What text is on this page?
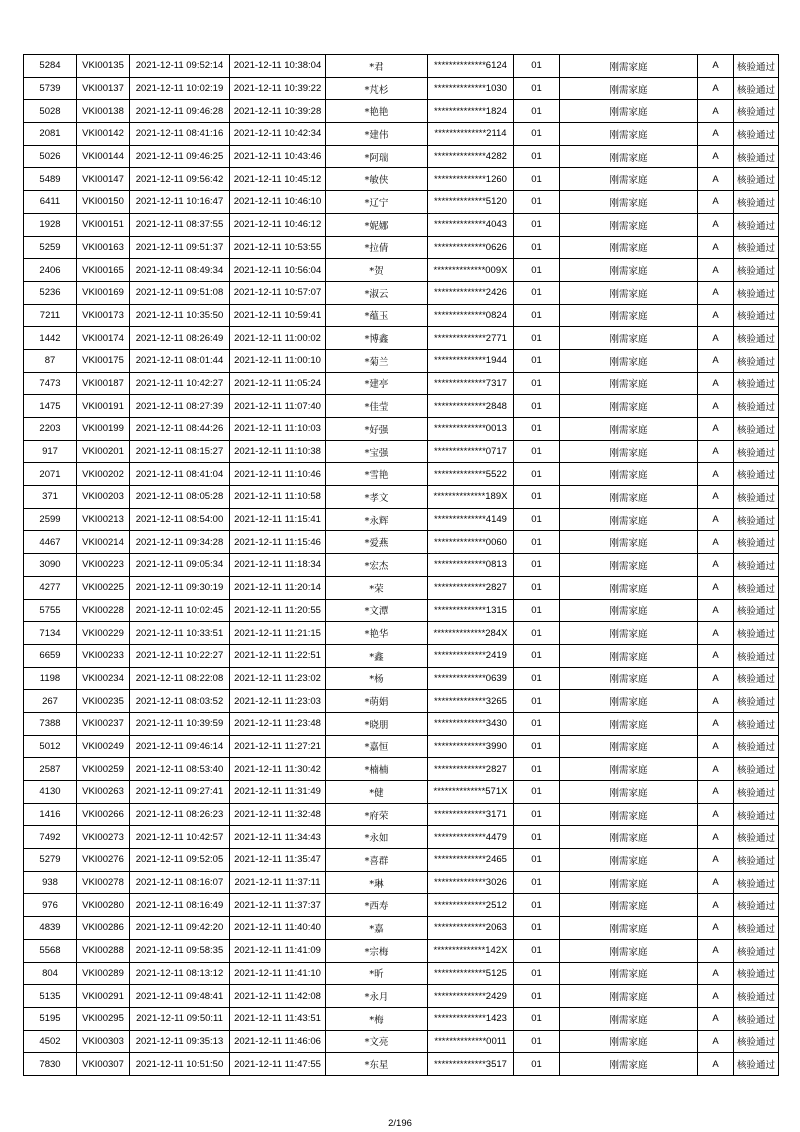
5284	VKI00135	2021-12-11 09:52:14	2021-12-11 10:38:04	*君	**************6124	01	刚需家庭	A	核验通过
5739	VKI00137	2021-12-11 10:02:19	2021-12-11 10:39:22	*芃杉	**************1030	01	刚需家庭	A	核验通过
5028	VKI00138	2021-12-11 09:46:28	2021-12-11 10:39:28	*艳艳	**************1824	01	刚需家庭	A	核验通过
2081	VKI00142	2021-12-11 08:41:16	2021-12-11 10:42:34	*建伟	**************2114	01	刚需家庭	A	核验通过
5026	VKI00144	2021-12-11 09:46:25	2021-12-11 10:43:46	*阿瑞	**************4282	01	刚需家庭	A	核验通过
5489	VKI00147	2021-12-11 09:56:42	2021-12-11 10:45:12	*敏侠	**************1260	01	刚需家庭	A	核验通过
6411	VKI00150	2021-12-11 10:16:47	2021-12-11 10:46:10	*辽宁	**************5120	01	刚需家庭	A	核验通过
1928	VKI00151	2021-12-11 08:37:55	2021-12-11 10:46:12	*妮娜	**************4043	01	刚需家庭	A	核验通过
5259	VKI00163	2021-12-11 09:51:37	2021-12-11 10:53:55	*拉倩	**************0626	01	刚需家庭	A	核验通过
2406	VKI00165	2021-12-11 08:49:34	2021-12-11 10:56:04	*贺	**************009X	01	刚需家庭	A	核验通过
5236	VKI00169	2021-12-11 09:51:08	2021-12-11 10:57:07	*淑云	**************2426	01	刚需家庭	A	核验通过
7211	VKI00173	2021-12-11 10:35:50	2021-12-11 10:59:41	*蕴玉	**************0824	01	刚需家庭	A	核验通过
1442	VKI00174	2021-12-11 08:26:49	2021-12-11 11:00:02	*博鑫	**************2771	01	刚需家庭	A	核验通过
87	VKI00175	2021-12-11 08:01:44	2021-12-11 11:00:10	*菊兰	**************1944	01	刚需家庭	A	核验通过
7473	VKI00187	2021-12-11 10:42:27	2021-12-11 11:05:24	*建亭	**************7317	01	刚需家庭	A	核验通过
1475	VKI00191	2021-12-11 08:27:39	2021-12-11 11:07:40	*佳莹	**************2848	01	刚需家庭	A	核验通过
2203	VKI00199	2021-12-11 08:44:26	2021-12-11 11:10:03	*好强	**************0013	01	刚需家庭	A	核验通过
917	VKI00201	2021-12-11 08:15:27	2021-12-11 11:10:38	*宝强	**************0717	01	刚需家庭	A	核验通过
2071	VKI00202	2021-12-11 08:41:04	2021-12-11 11:10:46	*雪艳	**************5522	01	刚需家庭	A	核验通过
371	VKI00203	2021-12-11 08:05:28	2021-12-11 11:10:58	*孝文	**************189X	01	刚需家庭	A	核验通过
2599	VKI00213	2021-12-11 08:54:00	2021-12-11 11:15:41	*永辉	**************4149	01	刚需家庭	A	核验通过
4467	VKI00214	2021-12-11 09:34:28	2021-12-11 11:15:46	*爱燕	**************0060	01	刚需家庭	A	核验通过
3090	VKI00223	2021-12-11 09:05:34	2021-12-11 11:18:34	*宏杰	**************0813	01	刚需家庭	A	核验通过
4277	VKI00225	2021-12-11 09:30:19	2021-12-11 11:20:14	*荣	**************2827	01	刚需家庭	A	核验通过
5755	VKI00228	2021-12-11 10:02:45	2021-12-11 11:20:55	*文潭	**************1315	01	刚需家庭	A	核验通过
7134	VKI00229	2021-12-11 10:33:51	2021-12-11 11:21:15	*艳华	**************284X	01	刚需家庭	A	核验通过
6659	VKI00233	2021-12-11 10:22:27	2021-12-11 11:22:51	*鑫	**************2419	01	刚需家庭	A	核验通过
1198	VKI00234	2021-12-11 08:22:08	2021-12-11 11:23:02	*杨	**************0639	01	刚需家庭	A	核验通过
267	VKI00235	2021-12-11 08:03:52	2021-12-11 11:23:03	*萌娟	**************3265	01	刚需家庭	A	核验通过
7388	VKI00237	2021-12-11 10:39:59	2021-12-11 11:23:48	*晓朋	**************3430	01	刚需家庭	A	核验通过
5012	VKI00249	2021-12-11 09:46:14	2021-12-11 11:27:21	*嘉恒	**************3990	01	刚需家庭	A	核验通过
2587	VKI00259	2021-12-11 08:53:40	2021-12-11 11:30:42	*楠楠	**************2827	01	刚需家庭	A	核验通过
4130	VKI00263	2021-12-11 09:27:41	2021-12-11 11:31:49	*健	**************571X	01	刚需家庭	A	核验通过
1416	VKI00266	2021-12-11 08:26:23	2021-12-11 11:32:48	*府荣	**************3171	01	刚需家庭	A	核验通过
7492	VKI00273	2021-12-11 10:42:57	2021-12-11 11:34:43	*永如	**************4479	01	刚需家庭	A	核验通过
5279	VKI00276	2021-12-11 09:52:05	2021-12-11 11:35:47	*喜群	**************2465	01	刚需家庭	A	核验通过
938	VKI00278	2021-12-11 08:16:07	2021-12-11 11:37:11	*琳	**************3026	01	刚需家庭	A	核验通过
976	VKI00280	2021-12-11 08:16:49	2021-12-11 11:37:37	*西寿	**************2512	01	刚需家庭	A	核验通过
4839	VKI00286	2021-12-11 09:42:20	2021-12-11 11:40:40	*嘉	**************2063	01	刚需家庭	A	核验通过
5568	VKI00288	2021-12-11 09:58:35	2021-12-11 11:41:09	*宗梅	**************142X	01	刚需家庭	A	核验通过
804	VKI00289	2021-12-11 08:13:12	2021-12-11 11:41:10	*昕	**************5125	01	刚需家庭	A	核验通过
5135	VKI00291	2021-12-11 09:48:41	2021-12-11 11:42:08	*永月	**************2429	01	刚需家庭	A	核验通过
5195	VKI00295	2021-12-11 09:50:11	2021-12-11 11:43:51	*梅	**************1423	01	刚需家庭	A	核验通过
4502	VKI00303	2021-12-11 09:35:13	2021-12-11 11:46:06	*文亮	**************0011	01	刚需家庭	A	核验通过
7830	VKI00307	2021-12-11 10:51:50	2021-12-11 11:47:55	*东星	**************3517	01	刚需家庭	A	核验通过
2/196
